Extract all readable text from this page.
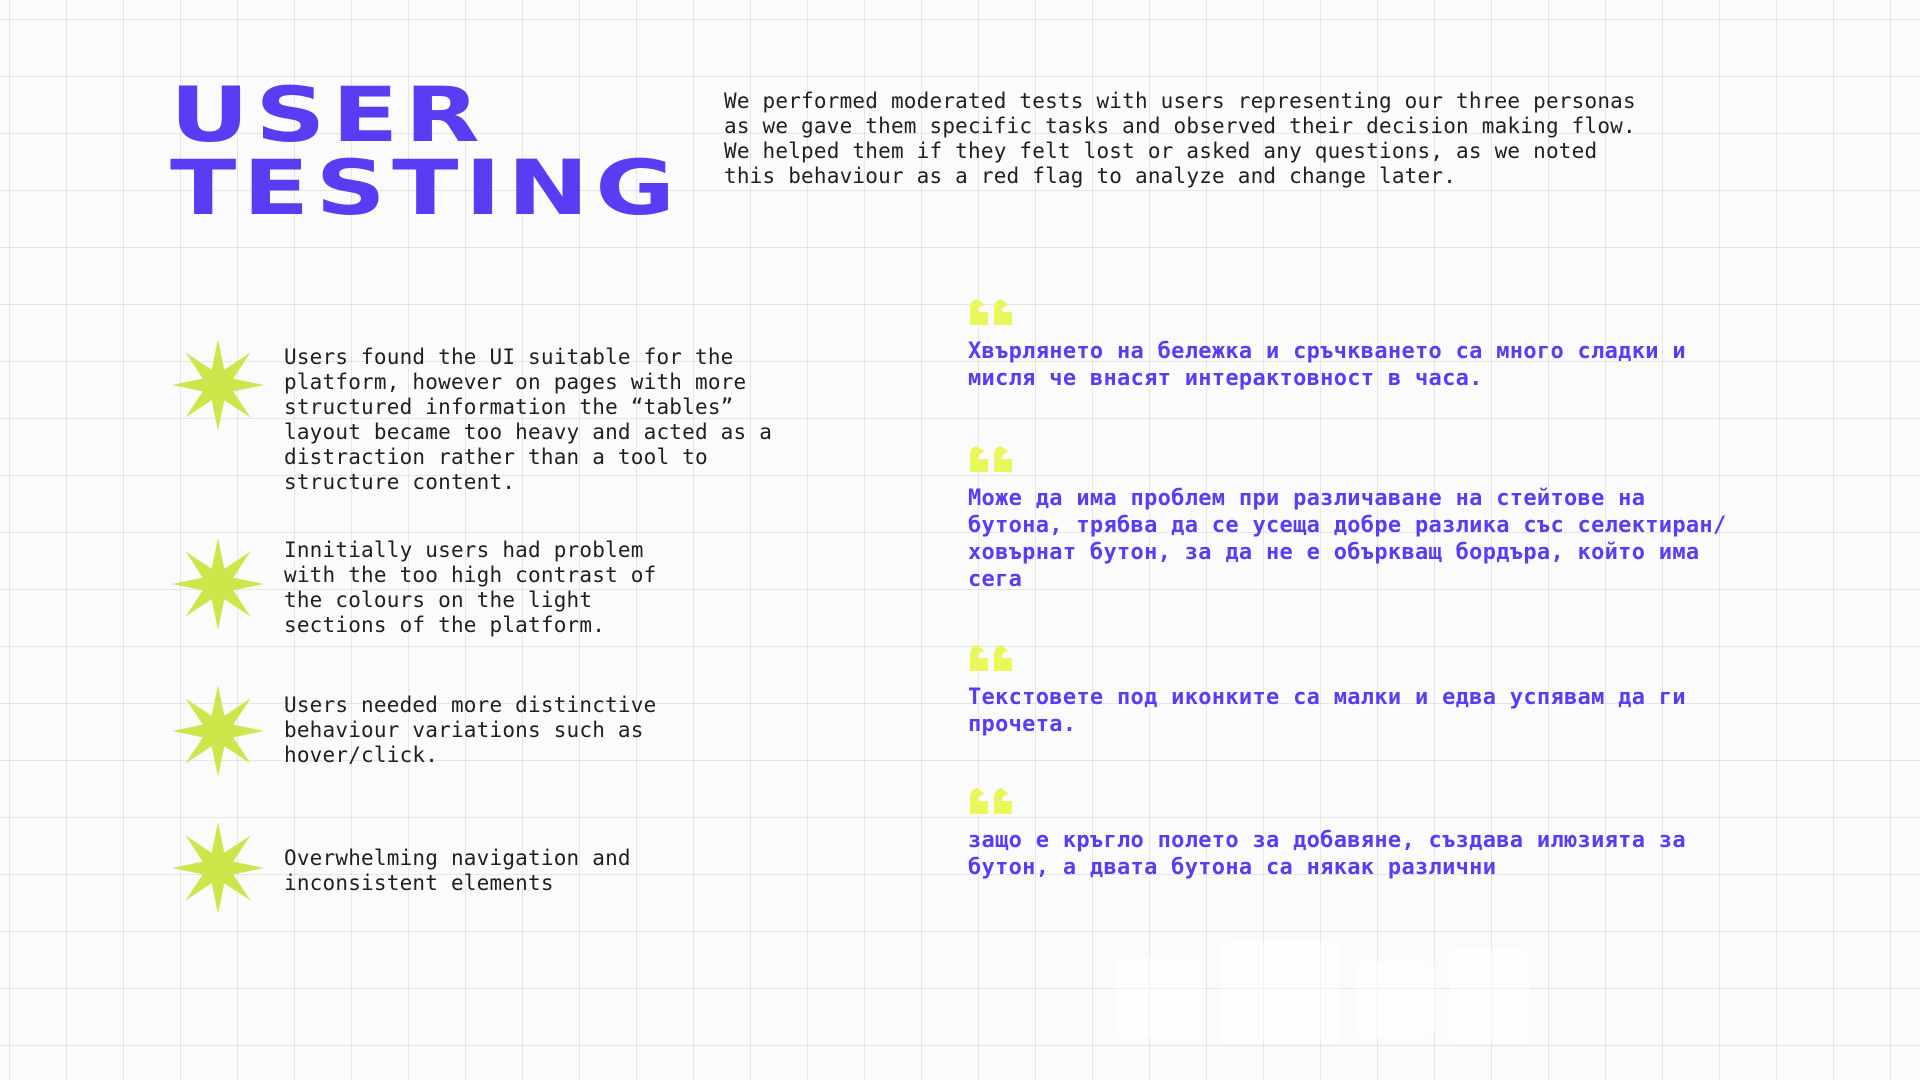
USER
TESTING

We performed moderated tests with users representing our three personas as we gave them specific tasks and observed their decision making flow. We helped them if they felt lost or asked any questions, as we noted this behaviour as a red flag to analyze and change later.

Users found the UI suitable for the platform, however on pages with more structured information the “tables” layout became too heavy and acted as a distraction rather than a tool to structure content.

Innitially users had problem with the too high contrast of the colours on the light sections of the platform.

Users needed more distinctive behaviour variations such as hover/click.

Overwhelming navigation and inconsistent elements

Хвърлянето на бележка и сръчкването са много сладки и мисля че внасят интерактовност в часа.

Може да има проблем при различаване на стейтове на бутона, трябва да се усеща добре разлика със селектиран/ховърнат бутон, за да не е объркващ бордъра, който има сега

Текстовете под иконките са малки и едва успявам да ги прочета.

защо е кръгло полето за добавяне, създава илюзията за бутон, а двата бутона са някак различни
